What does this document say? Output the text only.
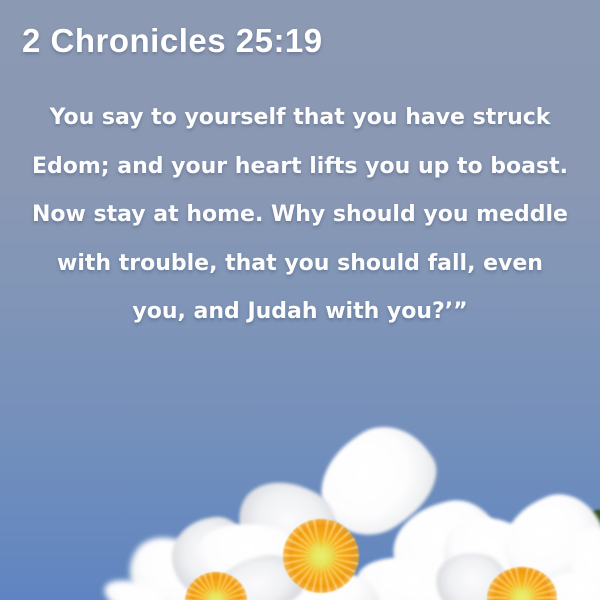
2 Chronicles 25:19
You say to yourself that you have struck
Edom; and your heart lifts you up to boast.
Now stay at home. Why should you meddle
with trouble, that you should fall, even
you, and Judah with you?’”
